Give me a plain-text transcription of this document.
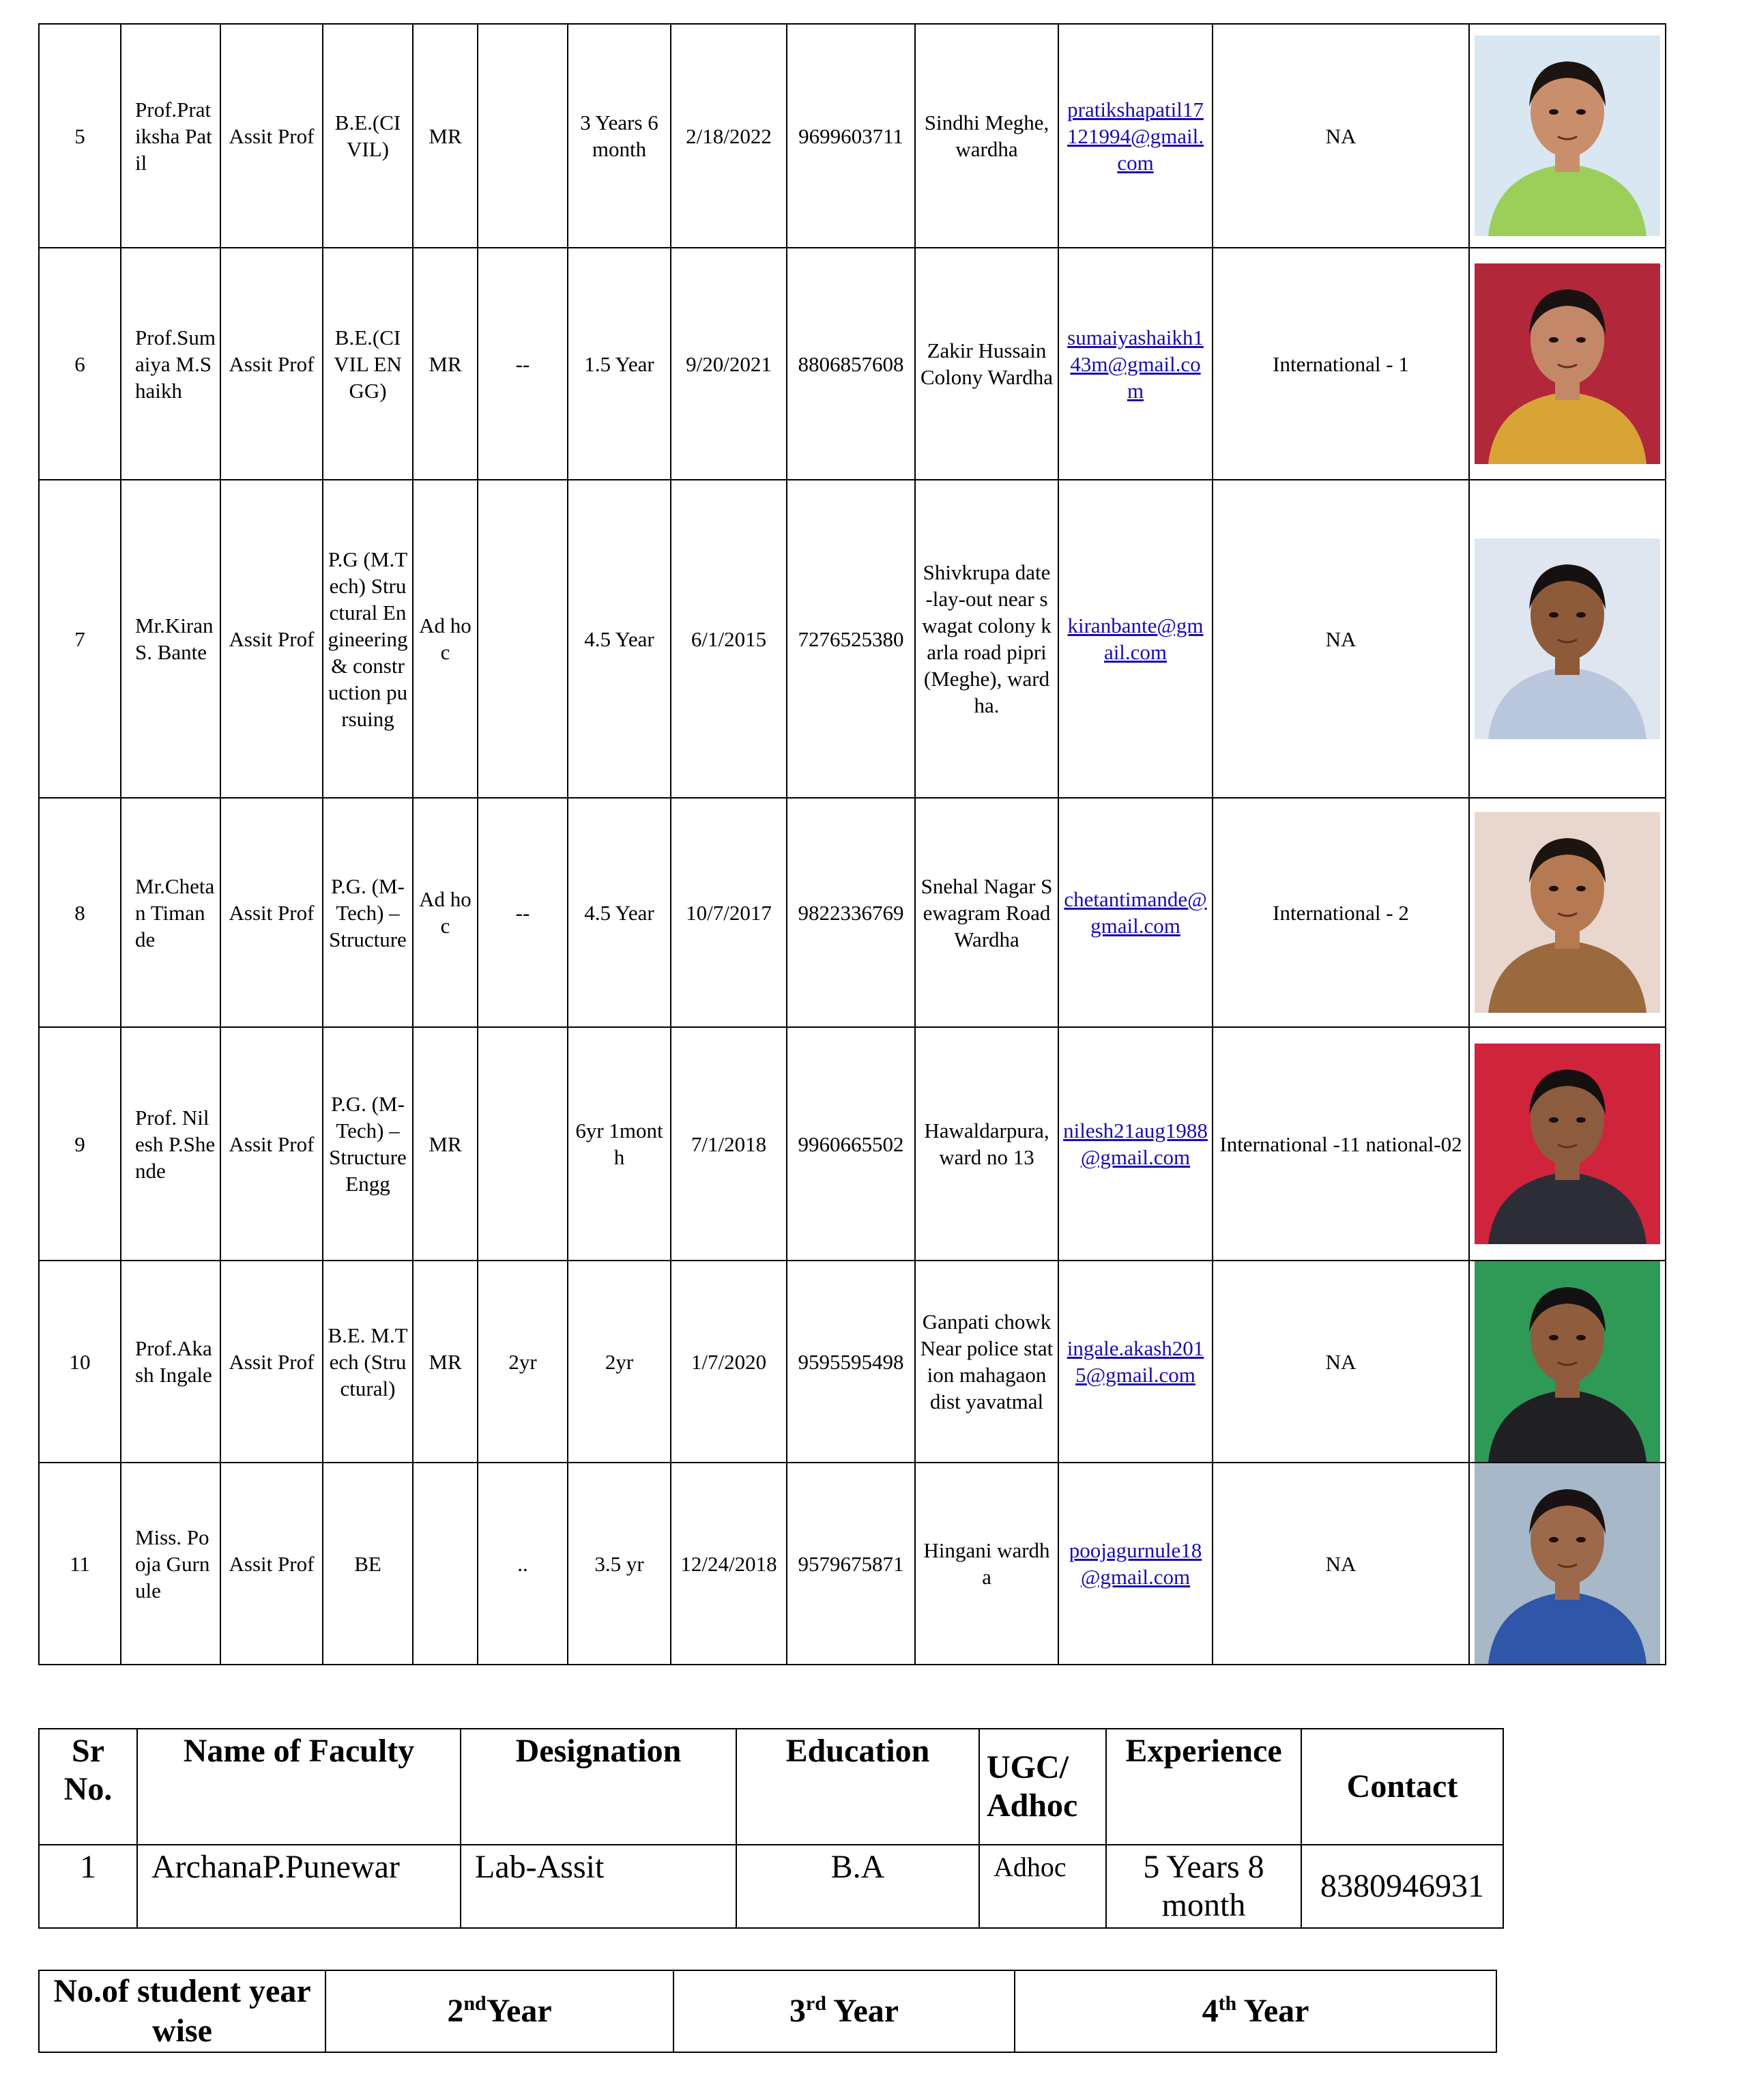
5	Prof.Pratiksha Patil	Assit Prof	B.E.(CIVIL)	MR		3 Years 6 month	2/18/2022	9699603711	Sindhi Meghe, wardha	pratikshapatil17121994@gmail.com	NA	

6	Prof.Sumaiya M.Shaikh	Assit Prof	B.E.(CIVIL ENGG)	MR	--	1.5 Year	9/20/2021	8806857608	Zakir Hussain Colony Wardha	sumaiyashaikh143m@gmail.com	International - 1	

7	Mr.Kiran S. Bante	Assit Prof	P.G (M.Tech) Structural Engineering & construction pursuing	Ad hoc		4.5 Year	6/1/2015	7276525380	Shivkrupa date-lay-out near swagat colony karla road pipri (Meghe), wardha.	kiranbante@gmail.com	NA	

8	Mr.Chetan Timande	Assit Prof	P.G. (M-Tech) – Structure	Ad hoc	--	4.5 Year	10/7/2017	9822336769	Snehal Nagar Sewagram Road Wardha	chetantimande@gmail.com	International - 2	

9	Prof. Nilesh P.Shende	Assit Prof	P.G. (M-Tech) – Structure Engg	MR		6yr 1month	7/1/2018	9960665502	Hawaldarpura, ward no 13	nilesh21aug1988@gmail.com	International -11 national-02	

10	Prof.Akash Ingale	Assit Prof	B.E. M.Tech (Structural)	MR	2yr	2yr	1/7/2020	9595595498	Ganpati chowk Near police station mahagaon dist yavatmal	ingale.akash2015@gmail.com	NA	

11	Miss. Pooja Gurnule	Assit Prof	BE		..	3.5 yr	12/24/2018	9579675871	Hingani wardha	poojagurnule18@gmail.com	NA	
Sr No.	Name of Faculty	Designation	Education	UGC/ Adhoc	Experience	Contact
1	ArchanaP.Punewar	Lab-Assit	B.A	Adhoc	5 Years 8 month	8380946931
No.of student year wise	2ndYear	3rd Year	4th Year
